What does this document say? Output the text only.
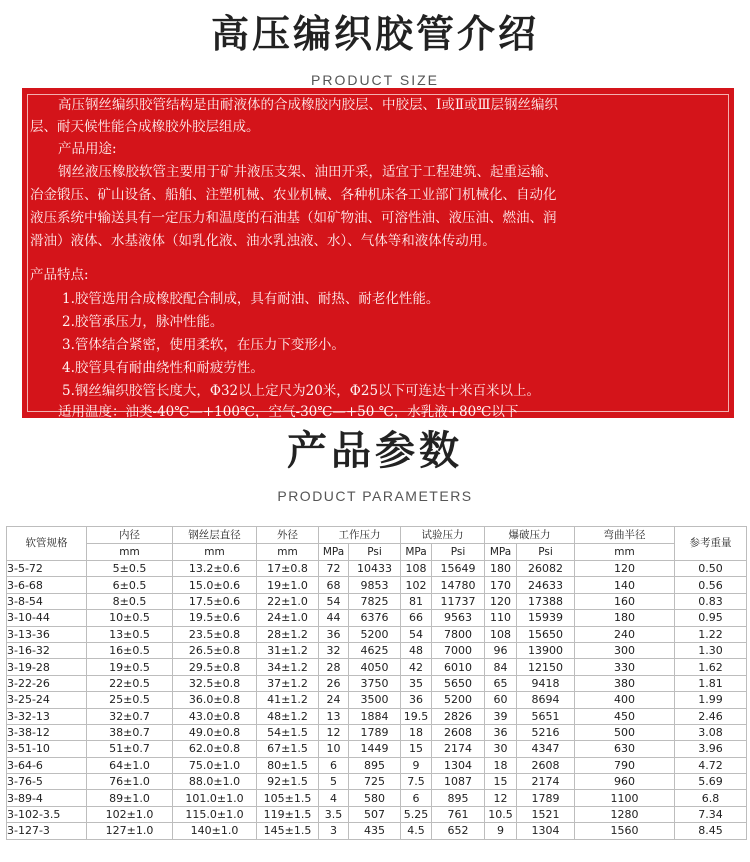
高压编织胶管介绍
PRODUCT SIZE
高压钢丝编织胶管结构是由耐液体的合成橡胶内胶层、中胶层、Ⅰ或Ⅱ或Ⅲ层钢丝编织
层、耐天候性能合成橡胶外胶层组成。
产品用途:
钢丝液压橡胶软管主要用于矿井液压支架、油田开采，适宜于工程建筑、起重运输、
冶金锻压、矿山设备、船舶、注塑机械、农业机械、各种机床各工业部门机械化、自动化
液压系统中输送具有一定压力和温度的石油基（如矿物油、可溶性油、液压油、燃油、润
滑油）液体、水基液体（如乳化液、油水乳浊液、水）、气体等和液体传动用。
产品特点:
1.胶管选用合成橡胶配合制成，具有耐油、耐热、耐老化性能。
2.胶管承压力，脉冲性能。
3.管体结合紧密，使用柔软，在压力下变形小。
4.胶管具有耐曲绕性和耐疲劳性。
5.钢丝编织胶管长度大，Φ32以上定尺为20米，Φ25以下可连达十米百米以上。
适用温度：油类-40℃—+100℃，空气-30℃—+50 ℃，水乳液+80℃以下
产品参数
PRODUCT PARAMETERS
软管规格	内径	钢丝层直径	外径	工作压力		试验压力		爆破压力		弯曲半径	参考重量
	mm	mm	mm	MPa	Psi	MPa	Psi	MPa	Psi	mm	
3-5-72	5±0.5	13.2±0.6	17±0.8	72	10433	108	15649	180	26082	120	0.50
3-6-68	6±0.5	15.0±0.6	19±1.0	68	9853	102	14780	170	24633	140	0.56
3-8-54	8±0.5	17.5±0.6	22±1.0	54	7825	81	11737	120	17388	160	0.83
3-10-44	10±0.5	19.5±0.6	24±1.0	44	6376	66	9563	110	15939	180	0.95
3-13-36	13±0.5	23.5±0.8	28±1.2	36	5200	54	7800	108	15650	240	1.22
3-16-32	16±0.5	26.5±0.8	31±1.2	32	4625	48	7000	96	13900	300	1.30
3-19-28	19±0.5	29.5±0.8	34±1.2	28	4050	42	6010	84	12150	330	1.62
3-22-26	22±0.5	32.5±0.8	37±1.2	26	3750	35	5650	65	9418	380	1.81
3-25-24	25±0.5	36.0±0.8	41±1.2	24	3500	36	5200	60	8694	400	1.99
3-32-13	32±0.7	43.0±0.8	48±1.2	13	1884	19.5	2826	39	5651	450	2.46
3-38-12	38±0.7	49.0±0.8	54±1.5	12	1789	18	2608	36	5216	500	3.08
3-51-10	51±0.7	62.0±0.8	67±1.5	10	1449	15	2174	30	4347	630	3.96
3-64-6	64±1.0	75.0±1.0	80±1.5	6	895	9	1304	18	2608	790	4.72
3-76-5	76±1.0	88.0±1.0	92±1.5	5	725	7.5	1087	15	2174	960	5.69
3-89-4	89±1.0	101.0±1.0	105±1.5	4	580	6	895	12	1789	1100	6.8
3-102-3.5	102±1.0	115.0±1.0	119±1.5	3.5	507	5.25	761	10.5	1521	1280	7.34
3-127-3	127±1.0	140±1.0	145±1.5	3	435	4.5	652	9	1304	1560	8.45
